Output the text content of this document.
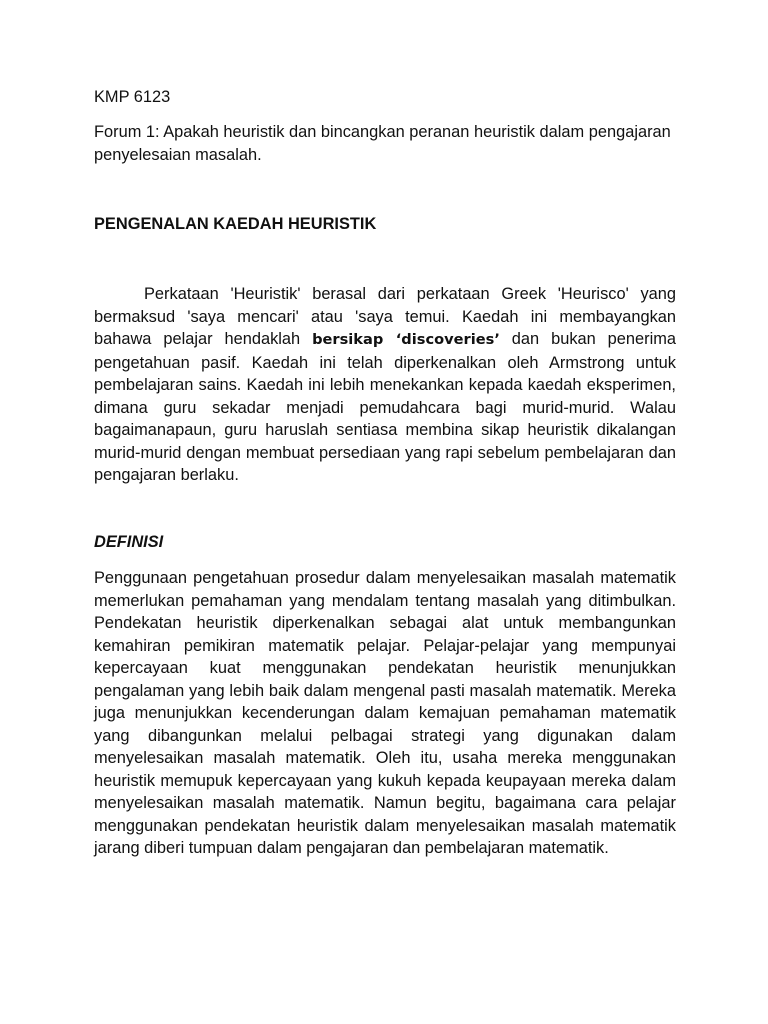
KMP 6123
Forum 1: Apakah heuristik dan bincangkan peranan heuristik dalam pengajaran penyelesaian masalah.
PENGENALAN KAEDAH HEURISTIK
Perkataan 'Heuristik' berasal dari perkataan Greek 'Heurisco' yang bermaksud 'saya mencari' atau 'saya temui. Kaedah ini membayangkan bahawa pelajar hendaklah bersikap ‘discoveries’ dan bukan penerima pengetahuan pasif. Kaedah ini telah diperkenalkan oleh Armstrong untuk pembelajaran sains. Kaedah ini lebih menekankan kepada kaedah eksperimen, dimana guru sekadar menjadi pemudahcara bagi murid-murid. Walau bagaimanapaun, guru haruslah sentiasa membina sikap heuristik dikalangan murid-murid dengan membuat persediaan yang rapi sebelum pembelajaran dan pengajaran berlaku.
DEFINISI
Penggunaan pengetahuan prosedur dalam menyelesaikan masalah matematik memerlukan pemahaman yang mendalam tentang masalah yang ditimbulkan. Pendekatan heuristik diperkenalkan sebagai alat untuk membangunkan kemahiran pemikiran matematik pelajar. Pelajar-pelajar yang mempunyai kepercayaan kuat menggunakan pendekatan heuristik menunjukkan pengalaman yang lebih baik dalam mengenal pasti masalah matematik. Mereka juga menunjukkan kecenderungan dalam kemajuan pemahaman matematik yang dibangunkan melalui pelbagai strategi yang digunakan dalam menyelesaikan masalah matematik. Oleh itu, usaha mereka menggunakan heuristik memupuk kepercayaan yang kukuh kepada keupayaan mereka dalam menyelesaikan masalah matematik. Namun begitu, bagaimana cara pelajar menggunakan pendekatan heuristik dalam menyelesaikan masalah matematik jarang diberi tumpuan dalam pengajaran dan pembelajaran matematik.
